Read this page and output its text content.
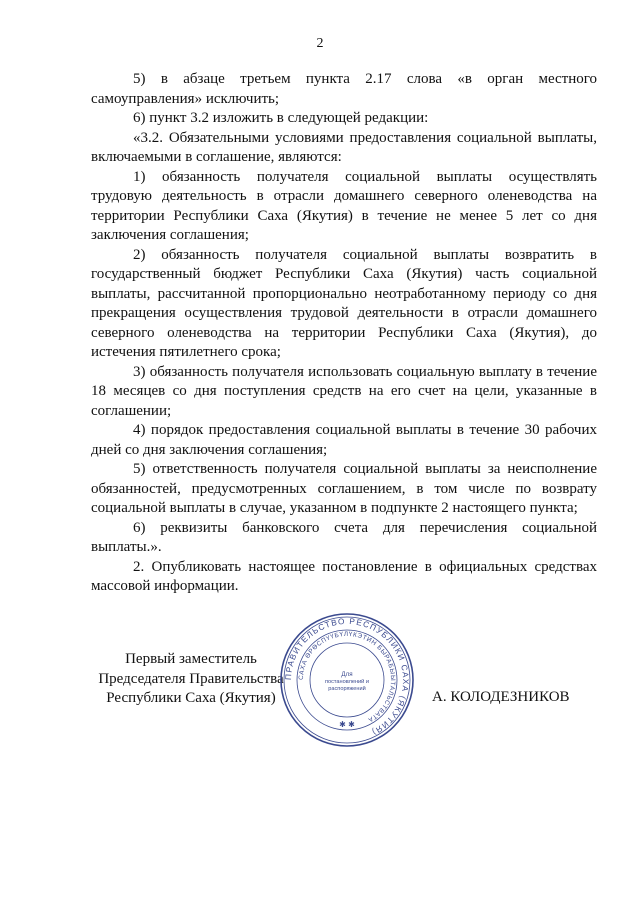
2

5) в абзаце третьем пункта 2.17 слова «в орган местного самоуправления» исключить;

6) пункт 3.2 изложить в следующей редакции:

«3.2. Обязательными условиями предоставления социальной выплаты, включаемыми в соглашение, являются:

1) обязанность получателя социальной выплаты осуществлять трудовую деятельность в отрасли домашнего северного оленеводства на территории Республики Саха (Якутия) в течение не менее 5 лет со дня заключения соглашения;

2) обязанность получателя социальной выплаты возвратить в государственный бюджет Республики Саха (Якутия) часть социальной выплаты, рассчитанной пропорционально неотработанному периоду со дня прекращения осуществления трудовой деятельности в отрасли домашнего северного оленеводства на территории Республики Саха (Якутия), до истечения пятилетнего срока;

3) обязанность получателя использовать социальную выплату в течение 18 месяцев со дня поступления средств на его счет на цели, указанные в соглашении;

4) порядок предоставления социальной выплаты в течение 30 рабочих дней со дня заключения соглашения;

5) ответственность получателя социальной выплаты за неисполнение обязанностей, предусмотренных соглашением, в том числе по возврату социальной выплаты в случае, указанном в подпункте 2 настоящего пункта;

6) реквизиты банковского счета для перечисления социальной выплаты.».

2. Опубликовать настоящее постановление в официальных средствах массовой информации.

Первый заместитель
Председателя Правительства
Республики Саха (Якутия)
ПРАВИТЕЛЬСТВО РЕСПУБЛИКИ САХА (ЯКУТИЯ)
САХА ӨРӨСПҮҮБҮЛҮКЭТИН БЫРАБЫЫТАЛЬСТВАТА
Для
постановлений и
распоряжений
✱ ✱
А. КОЛОДЕЗНИКОВ
